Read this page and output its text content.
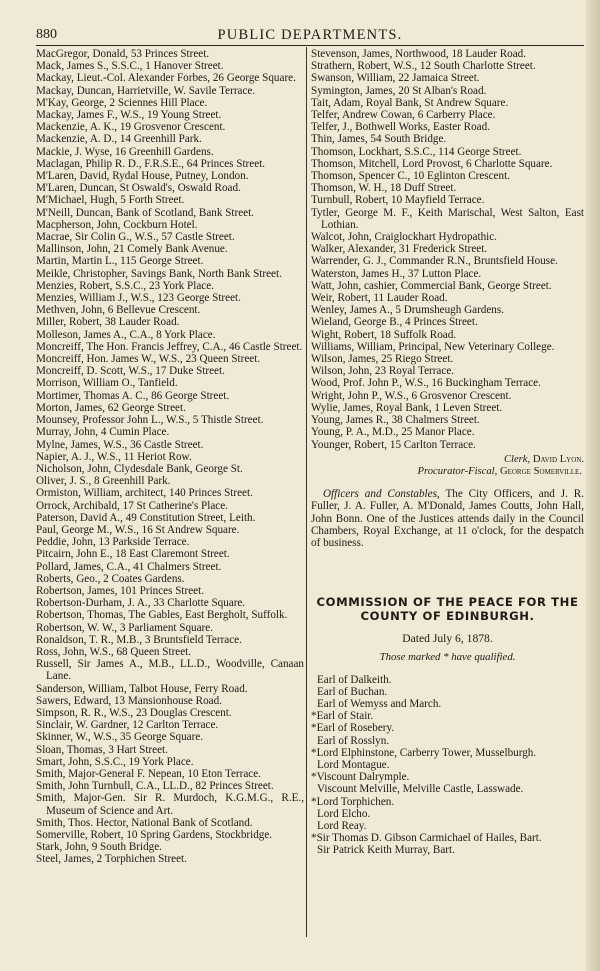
880	PUBLIC DEPARTMENTS.

MacGregor, Donald, 53 Princes Street.

Mack, James S., S.S.C., 1 Hanover Street.

Mackay, Lieut.-Col. Alexander Forbes, 26 George Square.

Mackay, Duncan, Harrietville, W. Savile Terrace.

M'Kay, George, 2 Sciennes Hill Place.

Mackay, James F., W.S., 19 Young Street.

Mackenzie, A. K., 19 Grosvenor Crescent.

Mackenzie, A. D., 14 Greenhill Park.

Mackie, J. Wyse, 16 Greenhill Gardens.

Maclagan, Philip R. D., F.R.S.E., 64 Princes Street.

M'Laren, David, Rydal House, Putney, London.

M'Laren, Duncan, St Oswald's, Oswald Road.

M'Michael, Hugh, 5 Forth Street.

M'Neill, Duncan, Bank of Scotland, Bank Street.

Macpherson, John, Cockburn Hotel.

Macrae, Sir Colin G., W.S., 57 Castle Street.

Mallinson, John, 21 Comely Bank Avenue.

Martin, Martin L., 115 George Street.

Meikle, Christopher, Savings Bank, North Bank Street.

Menzies, Robert, S.S.C., 23 York Place.

Menzies, William J., W.S., 123 George Street.

Methven, John, 6 Bellevue Crescent.

Miller, Robert, 38 Lauder Road.

Molleson, James A., C.A., 8 York Place.

Moncreiff, The Hon. Francis Jeffrey, C.A., 46 Castle Street.

Moncreiff, Hon. James W., W.S., 23 Queen Street.

Moncreiff, D. Scott, W.S., 17 Duke Street.

Morrison, William O., Tanfield.

Mortimer, Thomas A. C., 86 George Street.

Morton, James, 62 George Street.

Mounsey, Professor John L., W.S., 5 Thistle Street.

Murray, John, 4 Cumin Place.

Mylne, James, W.S., 36 Castle Street.

Napier, A. J., W.S., 11 Heriot Row.

Nicholson, John, Clydesdale Bank, George St.

Oliver, J. S., 8 Greenhill Park.

Ormiston, William, architect, 140 Princes Street.

Orrock, Archibald, 17 St Catherine's Place.

Paterson, David A., 49 Constitution Street, Leith.

Paul, George M., W.S., 16 St Andrew Square.

Peddie, John, 13 Parkside Terrace.

Pitcairn, John E., 18 East Claremont Street.

Pollard, James, C.A., 41 Chalmers Street.

Roberts, Geo., 2 Coates Gardens.

Robertson, James, 101 Princes Street.

Robertson-Durham, J. A., 33 Charlotte Square.

Robertson, Thomas, The Gables, East Bergholt, Suffolk.

Robertson, W. W., 3 Parliament Square.

Ronaldson, T. R., M.B., 3 Bruntsfield Terrace.

Ross, John, W.S., 68 Queen Street.

Russell, Sir James A., M.B., LL.D., Woodville, Canaan Lane.

Sanderson, William, Talbot House, Ferry Road.

Sawers, Edward, 13 Mansionhouse Road.

Simpson, R. R., W.S., 23 Douglas Crescent.

Sinclair, W. Gardner, 12 Carlton Terrace.

Skinner, W., W.S., 35 George Square.

Sloan, Thomas, 3 Hart Street.

Smart, John, S.S.C., 19 York Place.

Smith, Major-General F. Nepean, 10 Eton Terrace.

Smith, John Turnbull, C.A., LL.D., 82 Princes Street.

Smith, Major-Gen. Sir R. Murdoch, K.G.M.G., R.E., Museum of Science and Art.

Smith, Thos. Hector, National Bank of Scotland.

Somerville, Robert, 10 Spring Gardens, Stockbridge.

Stark, John, 9 South Bridge.

Steel, James, 2 Torphichen Street.

Stevenson, James, Northwood, 18 Lauder Road.

Strathern, Robert, W.S., 12 South Charlotte Street.

Swanson, William, 22 Jamaica Street.

Symington, James, 20 St Alban's Road.

Tait, Adam, Royal Bank, St Andrew Square.

Telfer, Andrew Cowan, 6 Carberry Place.

Telfer, J., Bothwell Works, Easter Road.

Thin, James, 54 South Bridge.

Thomson, Lockhart, S.S.C., 114 George Street.

Thomson, Mitchell, Lord Provost, 6 Charlotte Square.

Thomson, Spencer C., 10 Eglinton Crescent.

Thomson, W. H., 18 Duff Street.

Turnbull, Robert, 10 Mayfield Terrace.

Tytler, George M. F., Keith Marischal, West Salton, East Lothian.

Walcot, John, Craiglockhart Hydropathic.

Walker, Alexander, 31 Frederick Street.

Warrender, G. J., Commander R.N., Bruntsfield House.

Waterston, James H., 37 Lutton Place.

Watt, John, cashier, Commercial Bank, George Street.

Weir, Robert, 11 Lauder Road.

Wenley, James A., 5 Drumsheugh Gardens.

Wieland, George B., 4 Princes Street.

Wight, Robert, 18 Suffolk Road.

Williams, William, Principal, New Veterinary College.

Wilson, James, 25 Riego Street.

Wilson, John, 23 Royal Terrace.

Wood, Prof. John P., W.S., 16 Buckingham Terrace.

Wright, John P., W.S., 6 Grosvenor Crescent.

Wylie, James, Royal Bank, 1 Leven Street.

Young, James R., 38 Chalmers Street.

Young, P. A., M.D., 25 Manor Place.

Younger, Robert, 15 Carlton Terrace.

Clerk, David Lyon.

Procurator-Fiscal, George Somerville.

Officers and Constables, The City Officers, and J. R. Fuller, J. A. Fuller, A. M'Donald, James Coutts, John Hall, John Bonn. One of the Justices attends daily in the Council Chambers, Royal Exchange, at 11 o'clock, for the despatch of business.

COMMISSION OF THE PEACE FOR THE
COUNTY OF EDINBURGH.

Dated July 6, 1878.

Those marked * have qualified.

Earl of Dalkeith.

Earl of Buchan.

Earl of Wemyss and March.

*Earl of Stair.

*Earl of Rosebery.

Earl of Rosslyn.

*Lord Elphinstone, Carberry Tower, Musselburgh.

Lord Montague.

*Viscount Dalrymple.

Viscount Melville, Melville Castle, Lasswade.

*Lord Torphichen.

Lord Elcho.

Lord Reay.

*Sir Thomas D. Gibson Carmichael of Hailes, Bart.

Sir Patrick Keith Murray, Bart.
